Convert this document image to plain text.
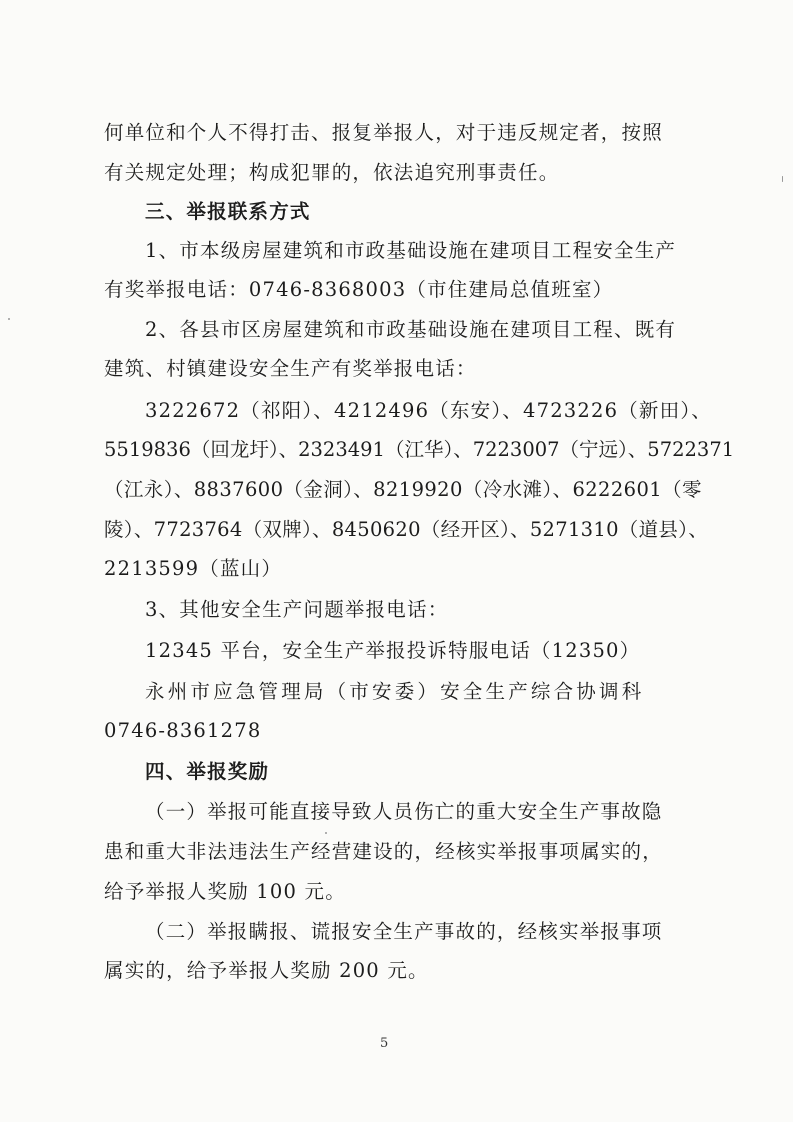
何单位和个人不得打击、报复举报人，对于违反规定者，按照
有关规定处理；构成犯罪的，依法追究刑事责任。
三、举报联系方式
1、市本级房屋建筑和市政基础设施在建项目工程安全生产
有奖举报电话：0746-8368003（市住建局总值班室）
2、各县市区房屋建筑和市政基础设施在建项目工程、既有
建筑、村镇建设安全生产有奖举报电话：
3222672（祁阳）、4212496（东安）、4723226（新田）、
5519836（回龙圩）、2323491（江华）、7223007（宁远）、5722371
（江永）、8837600（金洞）、8219920（冷水滩）、6222601（零
陵）、7723764（双牌）、8450620（经开区）、5271310（道县）、
2213599（蓝山）
3、其他安全生产问题举报电话：
12345 平台，安全生产举报投诉特服电话（12350）
永州市应急管理局（市安委）安全生产综合协调科
0746-8361278
四、举报奖励
（一）举报可能直接导致人员伤亡的重大安全生产事故隐
患和重大非法违法生产经营建设的，经核实举报事项属实的，
给予举报人奖励 100 元。
（二）举报瞒报、谎报安全生产事故的，经核实举报事项
属实的，给予举报人奖励 200 元。
5
